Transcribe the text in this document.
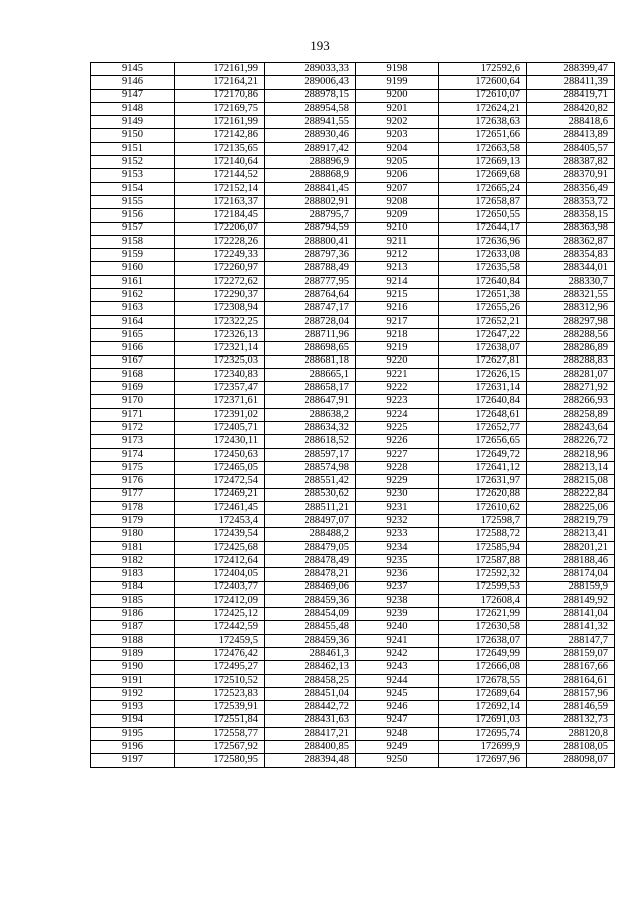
193
9145	172161,99	289033,33	9198	172592,6	288399,47
9146	172164,21	289006,43	9199	172600,64	288411,39
9147	172170,86	288978,15	9200	172610,07	288419,71
9148	172169,75	288954,58	9201	172624,21	288420,82
9149	172161,99	288941,55	9202	172638,63	288418,6
9150	172142,86	288930,46	9203	172651,66	288413,89
9151	172135,65	288917,42	9204	172663,58	288405,57
9152	172140,64	288896,9	9205	172669,13	288387,82
9153	172144,52	288868,9	9206	172669,68	288370,91
9154	172152,14	288841,45	9207	172665,24	288356,49
9155	172163,37	288802,91	9208	172658,87	288353,72
9156	172184,45	288795,7	9209	172650,55	288358,15
9157	172206,07	288794,59	9210	172644,17	288363,98
9158	172228,26	288800,41	9211	172636,96	288362,87
9159	172249,33	288797,36	9212	172633,08	288354,83
9160	172260,97	288788,49	9213	172635,58	288344,01
9161	172272,62	288777,95	9214	172640,84	288330,7
9162	172290,37	288764,64	9215	172651,38	288321,55
9163	172308,94	288747,17	9216	172655,26	288312,96
9164	172322,25	288728,04	9217	172652,21	288297,98
9165	172326,13	288711,96	9218	172647,22	288288,56
9166	172321,14	288698,65	9219	172638,07	288286,89
9167	172325,03	288681,18	9220	172627,81	288288,83
9168	172340,83	288665,1	9221	172626,15	288281,07
9169	172357,47	288658,17	9222	172631,14	288271,92
9170	172371,61	288647,91	9223	172640,84	288266,93
9171	172391,02	288638,2	9224	172648,61	288258,89
9172	172405,71	288634,32	9225	172652,77	288243,64
9173	172430,11	288618,52	9226	172656,65	288226,72
9174	172450,63	288597,17	9227	172649,72	288218,96
9175	172465,05	288574,98	9228	172641,12	288213,14
9176	172472,54	288551,42	9229	172631,97	288215,08
9177	172469,21	288530,62	9230	172620,88	288222,84
9178	172461,45	288511,21	9231	172610,62	288225,06
9179	172453,4	288497,07	9232	172598,7	288219,79
9180	172439,54	288488,2	9233	172588,72	288213,41
9181	172425,68	288479,05	9234	172585,94	288201,21
9182	172412,64	288478,49	9235	172587,88	288188,46
9183	172404,05	288478,21	9236	172592,32	288174,04
9184	172403,77	288469,06	9237	172599,53	288159,9
9185	172412,09	288459,36	9238	172608,4	288149,92
9186	172425,12	288454,09	9239	172621,99	288141,04
9187	172442,59	288455,48	9240	172630,58	288141,32
9188	172459,5	288459,36	9241	172638,07	288147,7
9189	172476,42	288461,3	9242	172649,99	288159,07
9190	172495,27	288462,13	9243	172666,08	288167,66
9191	172510,52	288458,25	9244	172678,55	288164,61
9192	172523,83	288451,04	9245	172689,64	288157,96
9193	172539,91	288442,72	9246	172692,14	288146,59
9194	172551,84	288431,63	9247	172691,03	288132,73
9195	172558,77	288417,21	9248	172695,74	288120,8
9196	172567,92	288400,85	9249	172699,9	288108,05
9197	172580,95	288394,48	9250	172697,96	288098,07
